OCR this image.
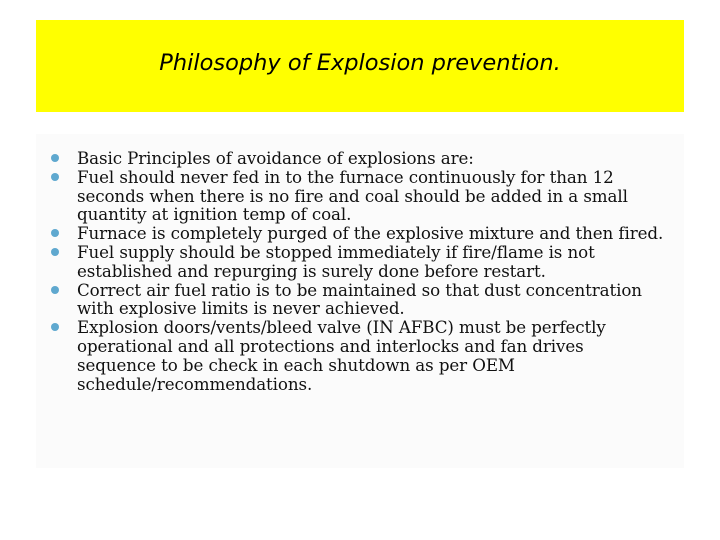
Philosophy of Explosion prevention.
Basic Principles of avoidance of explosions are:
Fuel should never fed in to the furnace continuously for than 12 seconds when there is no fire and coal should be added in a small quantity at ignition temp of coal.
Furnace is completely purged of the explosive mixture and then fired.
Fuel supply should be stopped immediately if fire/flame is not established and repurging is surely done before restart.
Correct air fuel ratio is to be maintained so that dust concentration with explosive limits is never achieved.
Explosion doors/vents/bleed valve (IN AFBC) must be perfectly operational and all protections and interlocks and fan drives sequence to be check in each shutdown as per OEM schedule/recommendations.
